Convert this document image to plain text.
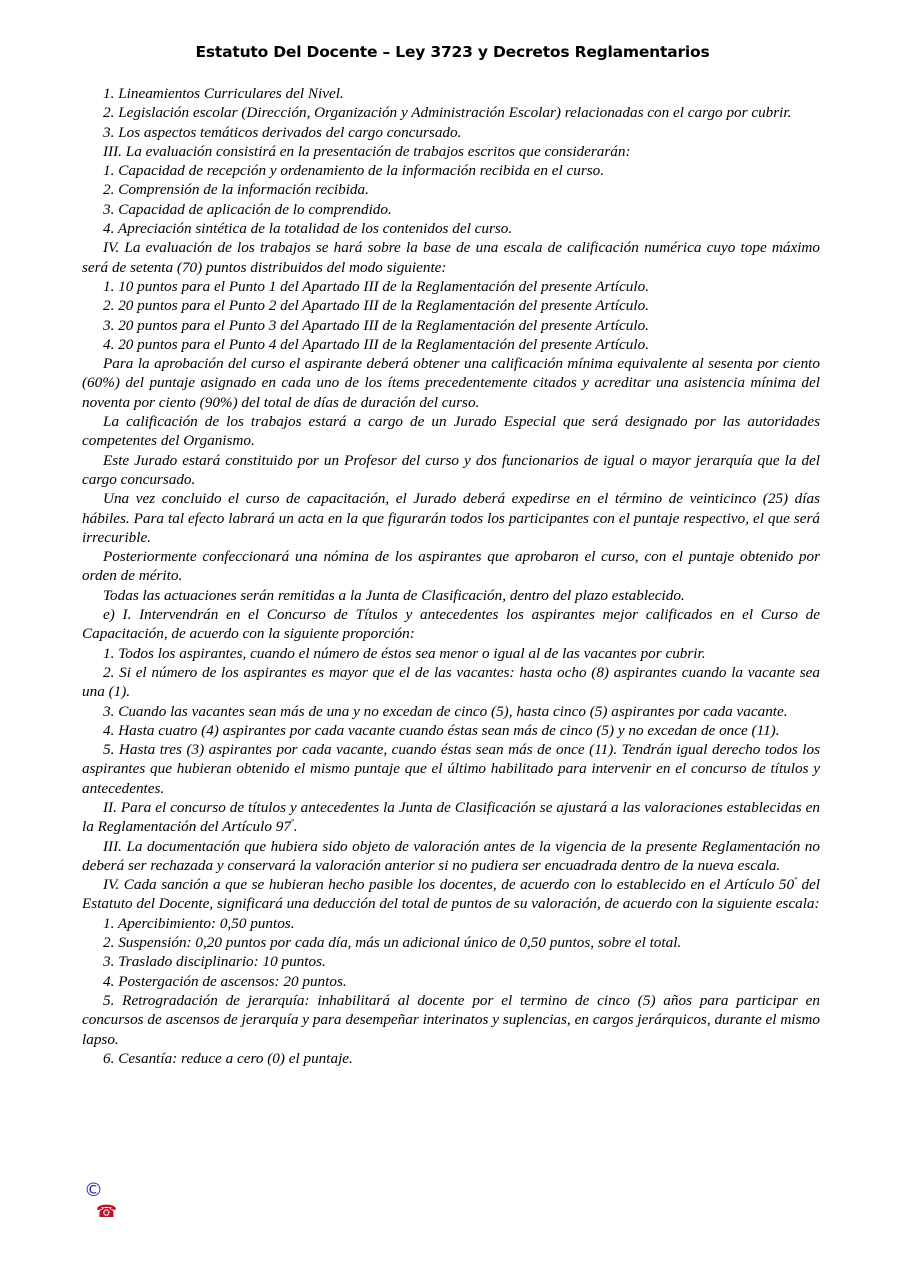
Estatuto Del Docente – Ley 3723 y Decretos Reglamentarios

1. Lineamientos Curriculares del Nivel.

2. Legislación escolar (Dirección, Organización y Administración Escolar) relacionadas con el cargo por cubrir.

3. Los aspectos temáticos derivados del cargo concursado.

III. La evaluación consistirá en la presentación de trabajos escritos que considerarán:

1. Capacidad de recepción y ordenamiento de la información recibida en el curso.

2. Comprensión de la información recibida.

3. Capacidad de aplicación de lo comprendido.

4. Apreciación sintética de la totalidad de los contenidos del curso.

IV. La evaluación de los trabajos se hará sobre la base de una escala de calificación numérica cuyo tope máximo será de setenta (70) puntos distribuidos del modo siguiente:

1. 10 puntos para el Punto 1 del Apartado III de la Reglamentación del presente Artículo.

2. 20 puntos para el Punto 2 del Apartado III de la Reglamentación del presente Artículo.

3. 20 puntos para el Punto 3 del Apartado III de la Reglamentación del presente Artículo.

4. 20 puntos para el Punto 4 del Apartado III de la Reglamentación del presente Artículo.

Para la aprobación del curso el aspirante deberá obtener una calificación mínima equivalente al sesenta por ciento (60%) del puntaje asignado en cada uno de los ítems precedentemente citados y acreditar una asistencia mínima del noventa por ciento (90%) del total de días de duración del curso.

La calificación de los trabajos estará a cargo de un Jurado Especial que será designado por las autoridades competentes del Organismo.

Este Jurado estará constituido por un Profesor del curso y dos funcionarios de igual o mayor jerarquía que la del cargo concursado.

Una vez concluido el curso de capacitación, el Jurado deberá expedirse en el término de veinticinco (25) días hábiles. Para tal efecto labrará un acta en la que figurarán todos los participantes con el puntaje respectivo, el que será irrecurible.

Posteriormente confeccionará una nómina de los aspirantes que aprobaron el curso, con el puntaje obtenido por orden de mérito.

Todas las actuaciones serán remitidas a la Junta de Clasificación, dentro del plazo establecido.

e) I. Intervendrán en el Concurso de Títulos y antecedentes los aspirantes mejor calificados en el Curso de Capacitación, de acuerdo con la siguiente proporción:

1. Todos los aspirantes, cuando el número de éstos sea menor o igual al de las vacantes por cubrir.

2. Si el número de los aspirantes es mayor que el de las vacantes: hasta ocho (8) aspirantes cuando la vacante sea una (1).

3. Cuando las vacantes sean más de una y no excedan de cinco (5), hasta cinco (5) aspirantes por cada vacante.

4. Hasta cuatro (4) aspirantes por cada vacante cuando éstas sean más de cinco (5) y no excedan de once (11).

5. Hasta tres (3) aspirantes por cada vacante, cuando éstas sean más de once (11). Tendrán igual derecho todos los aspirantes que hubieran obtenido el mismo puntaje que el último habilitado para intervenir en el concurso de títulos y antecedentes.

II. Para el concurso de títulos y antecedentes la Junta de Clasificación se ajustará a las valoraciones establecidas en la Reglamentación del Artículo $97^º$.

III. La documentación que hubiera sido objeto de valoración antes de la vigencia de la presente Reglamentación no deberá ser rechazada y conservará la valoración anterior si no pudiera ser encuadrada dentro de la nueva escala.

IV. Cada sanción a que se hubieran hecho pasible los docentes, de acuerdo con lo establecido en el Artículo $50^º$ del Estatuto del Docente, significará una deducción del total de puntos de su valoración, de acuerdo con la siguiente escala:

1. Apercibimiento: 0,50 puntos.

2. Suspensión: 0,20 puntos por cada día, más un adicional único de 0,50 puntos, sobre el total.

3. Traslado disciplinario: 10 puntos.

4. Postergación de ascensos: 20 puntos.

5. Retrogradación de jerarquía: inhabilitará al docente por el termino de cinco (5) años para participar en concursos de ascensos de jerarquía y para desempeñar interinatos y suplencias, en cargos jerárquicos, durante el mismo lapso.

6. Cesantía: reduce a cero (0) el puntaje.

©
☎
